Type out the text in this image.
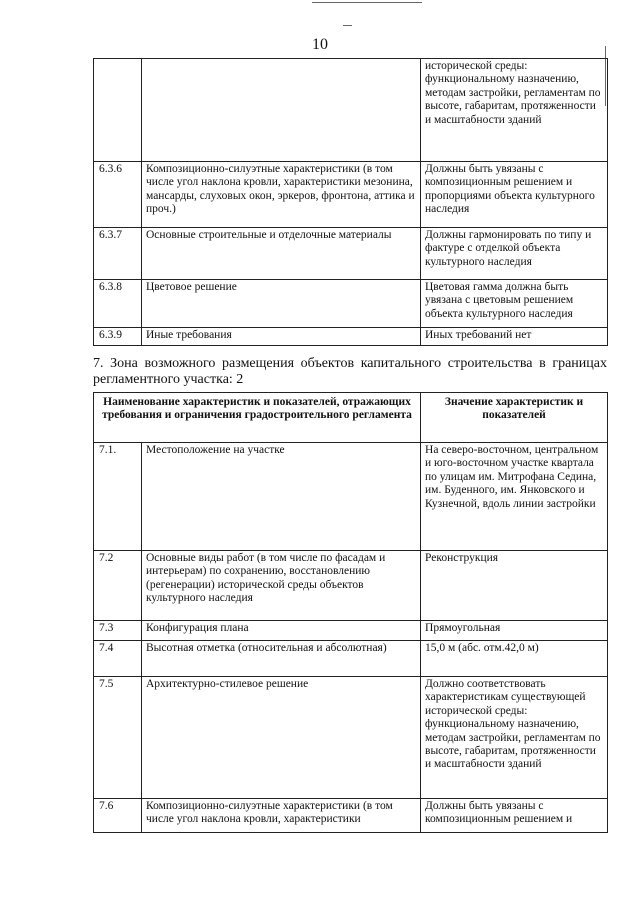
10
		исторической среды: функциональному назначению, методам застройки, регламентам по высоте, габаритам, протяженности и масштабности зданий
6.3.6	Композиционно-силуэтные характеристики (в том числе угол наклона кровли, характеристики мезонина, мансарды, слуховых окон, эркеров, фронтона, аттика и проч.)	Должны быть увязаны с композиционным решением и пропорциями объекта культурного наследия
6.3.7	Основные строительные и отделочные материалы	Должны гармонировать по типу и фактуре с отделкой объекта культурного наследия
6.3.8	Цветовое решение	Цветовая гамма должна быть увязана с цветовым решением объекта культурного наследия
6.3.9	Иные требования	Иных требований нет
7. Зона возможного размещения объектов капитального строительства в границах регламентного участка: 2
Наименование характеристик и показателей, отражающих требования и ограничения градостроительного регламента		Значение характеристик и показателей
7.1.	Местоположение на участке	На северо-восточном, центральном и юго-восточном участке квартала по улицам им. Митрофана Седина, им. Буденного, им. Янковского и Кузнечной, вдоль линии застройки
7.2	Основные виды работ (в том числе по фасадам и интерьерам) по сохранению, восстановлению (регенерации) исторической среды объектов культурного наследия	Реконструкция
7.3	Конфигурация плана	Прямоугольная
7.4	Высотная отметка (относительная и абсолютная)	15,0 м (абс. отм.42,0 м)
7.5	Архитектурно-стилевое решение	Должно соответствовать характеристикам существующей исторической среды: функциональному назначению, методам застройки, регламентам по высоте, габаритам, протяженности и масштабности зданий
7.6	Композиционно-силуэтные характеристики (в том числе угол наклона кровли, характеристики	Должны быть увязаны с композиционным решением и
